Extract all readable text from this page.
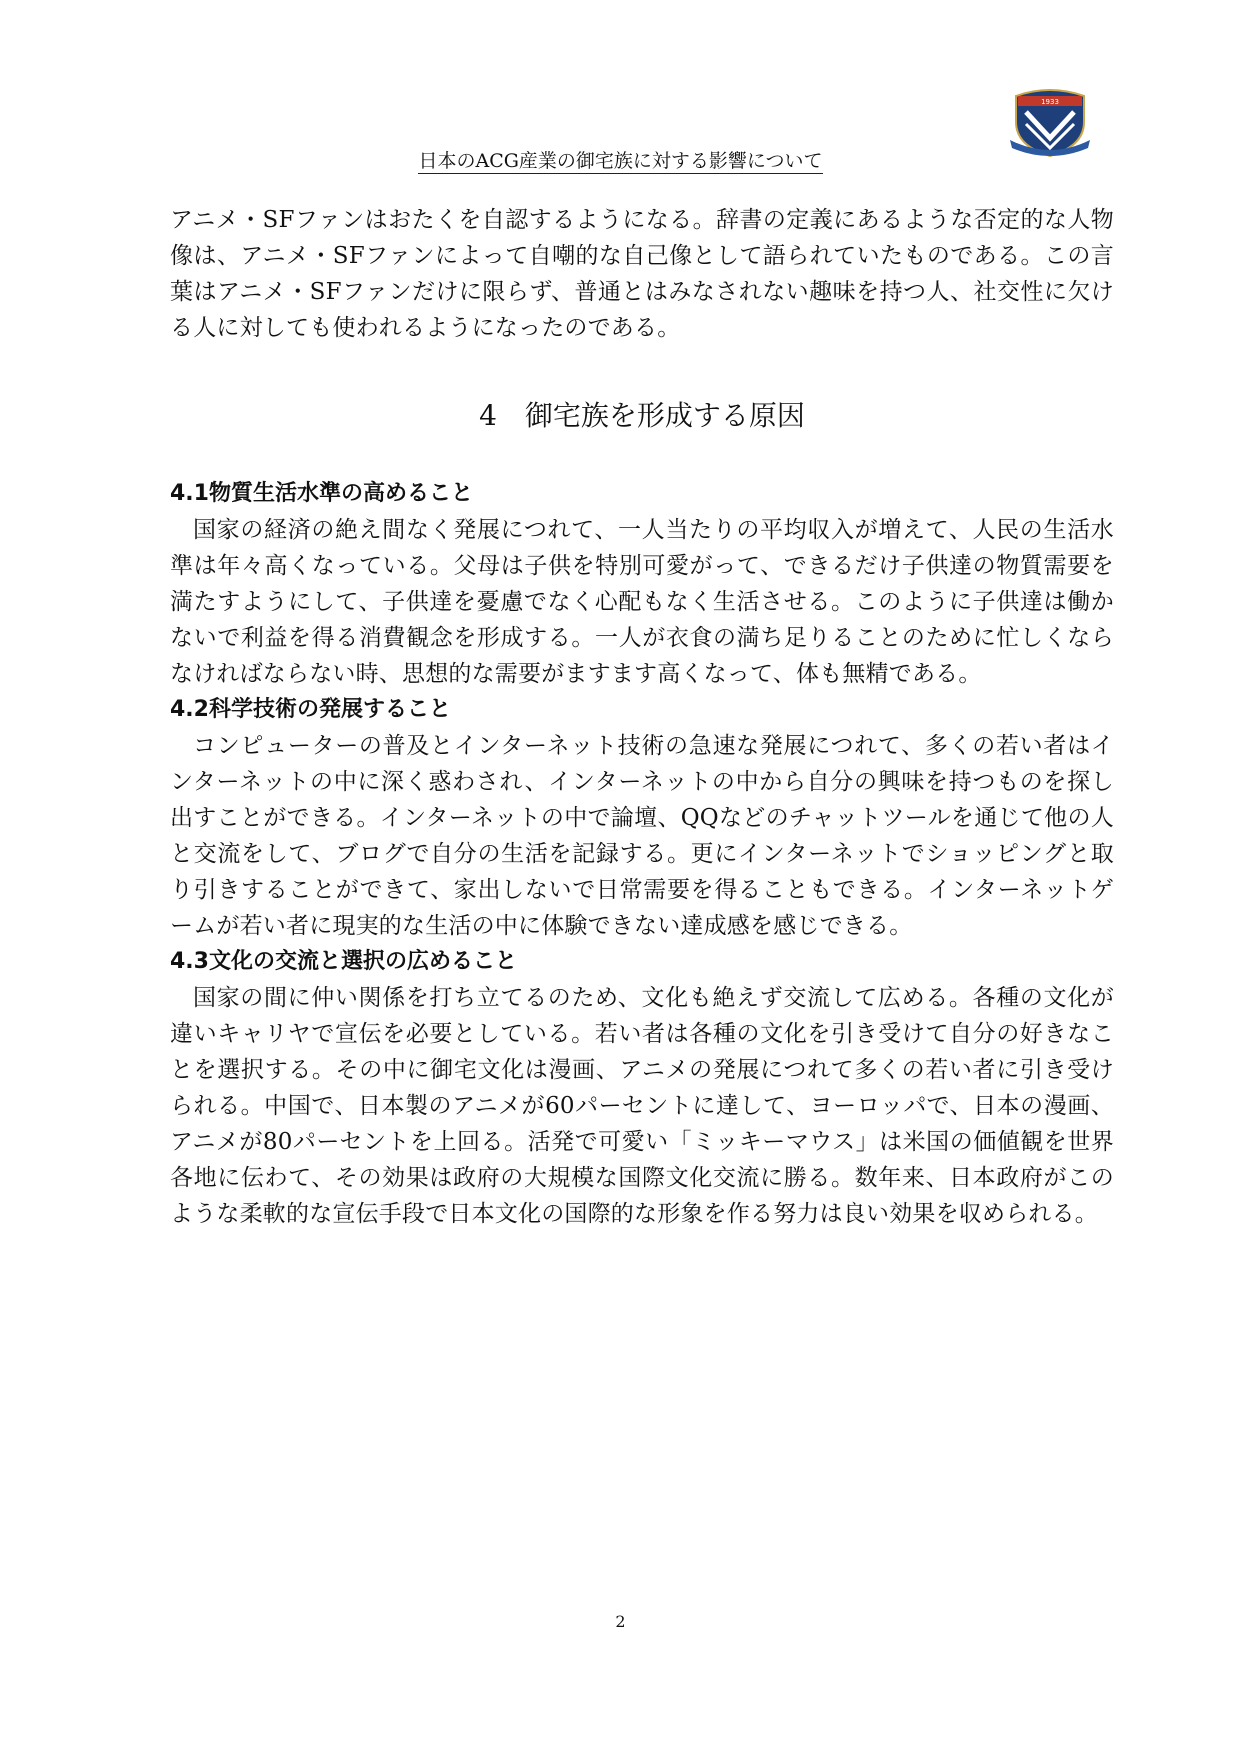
1933
日本のACG産業の御宅族に対する影響について

アニメ・SFファンはおたくを自認するようになる。辞書の定義にあるような否定的な人物像は、アニメ・SFファンによって自嘲的な自己像として語られていたものである。この言葉はアニメ・SFファンだけに限らず、普通とはみなされない趣味を持つ人、社交性に欠ける人に対しても使われるようになったのである。

4　御宅族を形成する原因
4.1物質生活水準の高めること

国家の経済の絶え間なく発展につれて、一人当たりの平均収入が増えて、人民の生活水準は年々高くなっている。父母は子供を特別可愛がって、できるだけ子供達の物質需要を満たすようにして、子供達を憂慮でなく心配もなく生活させる。このように子供達は働かないで利益を得る消費観念を形成する。一人が衣食の満ち足りることのために忙しくならなければならない時、思想的な需要がますます高くなって、体も無精である。

4.2科学技術の発展すること

コンピューターの普及とインターネット技術の急速な発展につれて、多くの若い者はインターネットの中に深く惑わされ、インターネットの中から自分の興味を持つものを探し出すことができる。インターネットの中で論壇、QQなどのチャットツールを通じて他の人と交流をして、ブログで自分の生活を記録する。更にインターネットでショッピングと取り引きすることができて、家出しないで日常需要を得ることもできる。インターネットゲームが若い者に現実的な生活の中に体験できない達成感を感じできる。

4.3文化の交流と選択の広めること

国家の間に仲い関係を打ち立てるのため、文化も絶えず交流して広める。各種の文化が違いキャリヤで宣伝を必要としている。若い者は各種の文化を引き受けて自分の好きなことを選択する。その中に御宅文化は漫画、アニメの発展につれて多くの若い者に引き受けられる。中国で、日本製のアニメが60パーセントに達して、ヨーロッパで、日本の漫画、アニメが80パーセントを上回る。活発で可愛い「ミッキーマウス」は米国の価値観を世界各地に伝わて、その効果は政府の大規模な国際文化交流に勝る。数年来、日本政府がこのような柔軟的な宣伝手段で日本文化の国際的な形象を作る努力は良い効果を収められる。

2
